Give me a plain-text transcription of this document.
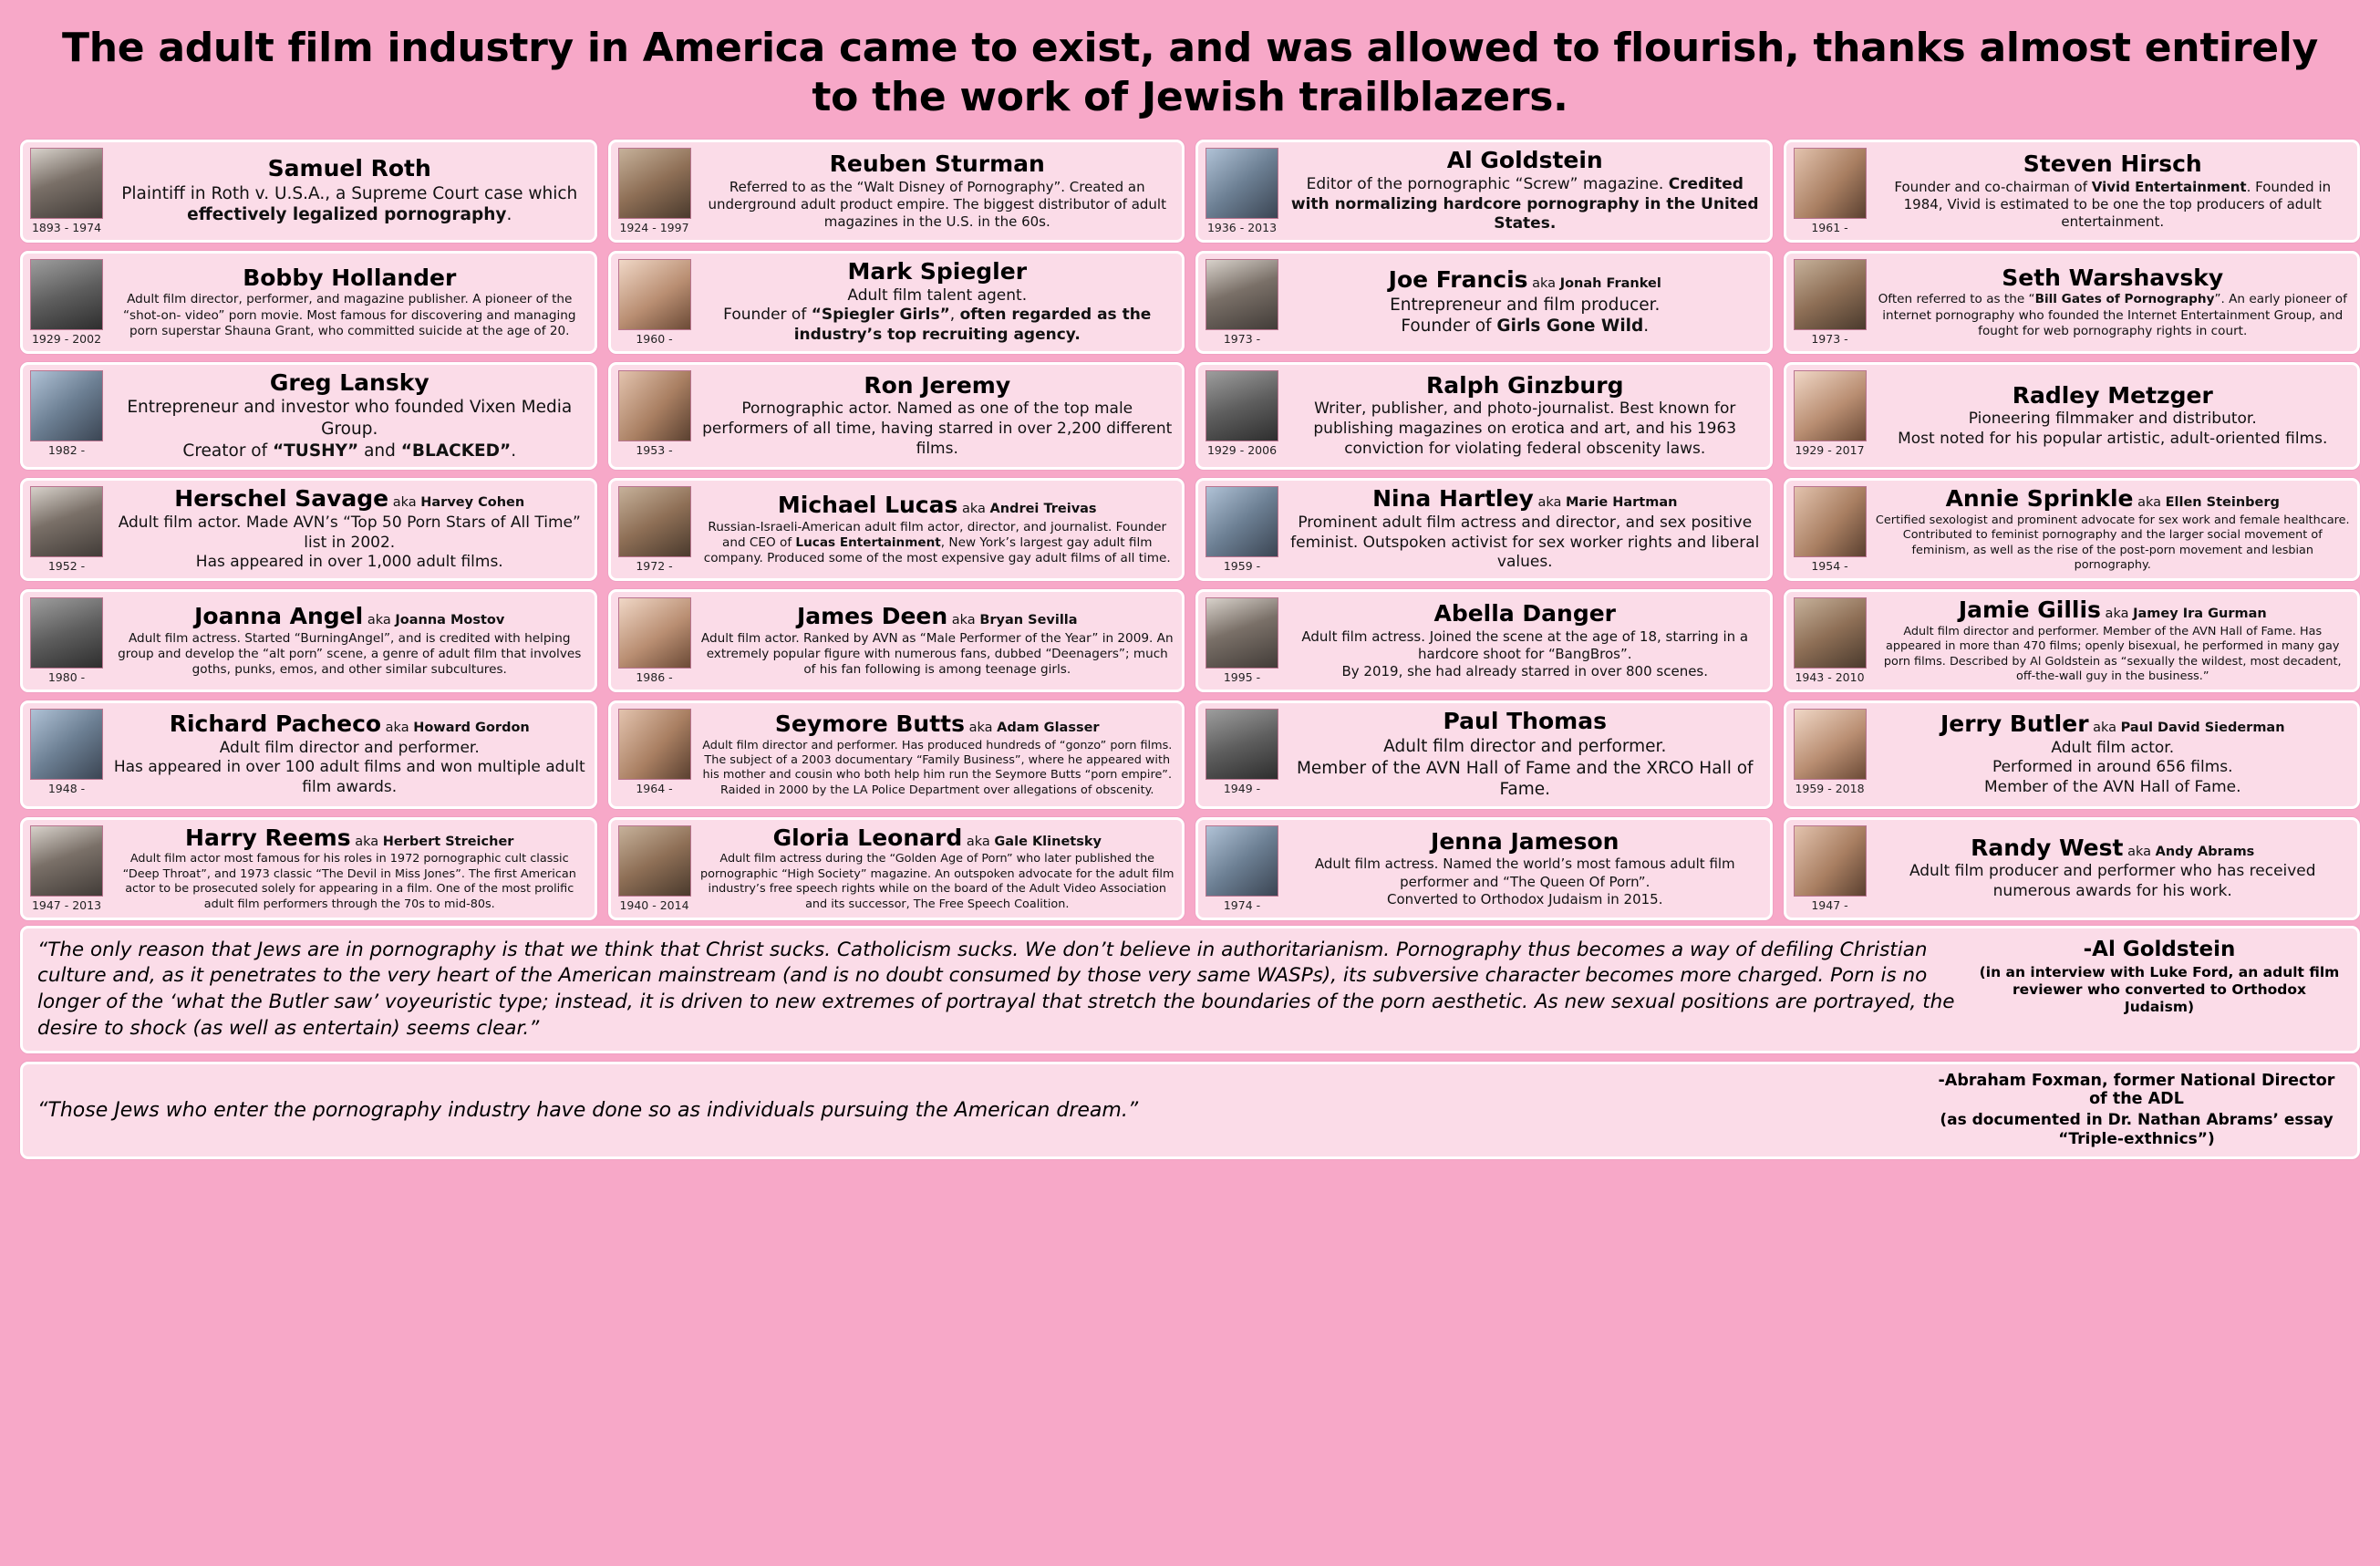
The adult film industry in America came to exist, and was allowed to flourish, thanks almost entirely to the work of Jewish trailblazers.
1893 - 1974
Samuel Roth
Plaintiff in Roth v. U.S.A., a Supreme Court case which effectively legalized pornography.
1924 - 1997
Reuben Sturman
Referred to as the “Walt Disney of Pornography”. Created an underground adult product empire. The biggest distributor of adult magazines in the U.S. in the 60s.	1936 - 2013
Al Goldstein
Editor of the pornographic “Screw” magazine. Credited with normalizing hardcore pornography in the United States.	1961 -
Steven Hirsch
Founder and co-chairman of Vivid Entertainment. Founded in 1984, Vivid is estimated to be one the top producers of adult entertainment.
1929 - 2002
Bobby Hollander
Adult film director, performer, and magazine publisher. A pioneer of the “shot-on- video” porn movie. Most famous for discovering and managing porn superstar Shauna Grant, who committed suicide at the age of 20.
1960 -
Mark Spiegler
Adult film talent agent.
Founder of “Spiegler Girls”, often regarded as the industry’s top recruiting agency.	1973 -
Joe Francis aka Jonah Frankel
Entrepreneur and film producer.
Founder of Girls Gone Wild.
1973 -
Seth Warshavsky
Often referred to as the “Bill Gates of Pornography”. An early pioneer of internet pornography who founded the Internet Entertainment Group, and fought for web pornography rights in court.
1982 -
Greg Lansky
Entrepreneur and investor who founded Vixen Media Group.
Creator of “TUSHY” and “BLACKED”.	1953 -
Ron Jeremy
Pornographic actor. Named as one of the top male performers of all time, having starred in over 2,200 different films.	1929 - 2006
Ralph Ginzburg
Writer, publisher, and photo-journalist. Best known for publishing magazines on erotica and art, and his 1963 conviction for violating federal obscenity laws.	1929 - 2017
Radley Metzger
Pioneering filmmaker and distributor.
Most noted for his popular artistic, adult-oriented films.
1952 -
Herschel Savage aka Harvey Cohen
Adult film actor. Made AVN’s “Top 50 Porn Stars of All Time” list in 2002.
Has appeared in over 1,000 adult films.	1972 -
Michael Lucas aka Andrei Treivas
Russian-Israeli-American adult film actor, director, and journalist. Founder and CEO of Lucas Entertainment, New York’s largest gay adult film company. Produced some of the most expensive gay adult films of all time.
1959 -
Nina Hartley aka Marie Hartman
Prominent adult film actress and director, and sex positive feminist. Outspoken activist for sex worker rights and liberal values.	1954 -
Annie Sprinkle aka Ellen Steinberg
Certified sexologist and prominent advocate for sex work and female healthcare. Contributed to feminist pornography and the larger social movement of feminism, as well as the rise of the post-porn movement and lesbian pornography.
1980 -
Joanna Angel aka Joanna Mostov
Adult film actress. Started “BurningAngel”, and is credited with helping group and develop the “alt porn” scene, a genre of adult film that involves goths, punks, emos, and other similar subcultures.
1986 -
James Deen aka Bryan Sevilla
Adult film actor. Ranked by AVN as “Male Performer of the Year” in 2009. An extremely popular figure with numerous fans, dubbed “Deenagers”; much of his fan following is among teenage girls.
1995 -
Abella Danger
Adult film actress. Joined the scene at the age of 18, starring in a hardcore shoot for “BangBros”.
By 2019, she had already starred in over 800 scenes.	1943 - 2010
Jamie Gillis aka Jamey Ira Gurman
Adult film director and performer. Member of the AVN Hall of Fame. Has appeared in more than 470 films; openly bisexual, he performed in many gay porn films. Described by Al Goldstein as “sexually the wildest, most decadent, off-the-wall guy in the business.”
1948 -
Richard Pacheco aka Howard Gordon
Adult film director and performer.
Has appeared in over 100 adult films and won multiple adult film awards.	1964 -
Seymore Butts aka Adam Glasser
Adult film director and performer. Has produced hundreds of “gonzo” porn films. The subject of a 2003 documentary “Family Business”, where he appeared with his mother and cousin who both help him run the Seymore Butts “porn empire”. Raided in 2000 by the LA Police Department over allegations of obscenity.	1949 -
Paul Thomas
Adult film director and performer.
Member of the AVN Hall of Fame and the XRCO Hall of Fame.	1959 - 2018
Jerry Butler aka Paul David Siederman
Adult film actor.
Performed in around 656 films.
Member of the AVN Hall of Fame.
1947 - 2013
Harry Reems aka Herbert Streicher
Adult film actor most famous for his roles in 1972 pornographic cult classic “Deep Throat”, and 1973 classic “The Devil in Miss Jones”. The first American actor to be prosecuted solely for appearing in a film. One of the most prolific adult film performers through the 70s to mid-80s.	1940 - 2014
Gloria Leonard aka Gale Klinetsky
Adult film actress during the “Golden Age of Porn” who later published the pornographic “High Society” magazine. An outspoken advocate for the adult film industry’s free speech rights while on the board of the Adult Video Association and its successor, The Free Speech Coalition.	1974 -
Jenna Jameson
Adult film actress. Named the world’s most famous adult film performer and “The Queen Of Porn”.
Converted to Orthodox Judaism in 2015.	1947 -
Randy West aka Andy Abrams
Adult film producer and performer who has received numerous awards for his work.
“The only reason that Jews are in pornography is that we think that Christ sucks. Catholicism sucks. We don’t believe in authoritarianism. Pornography thus becomes a way of defiling Christian culture and, as it penetrates to the very heart of the American mainstream (and is no doubt consumed by those very same WASPs), its subversive character becomes more charged. Porn is no longer of the ‘what the Butler saw’ voyeuristic type; instead, it is driven to new extremes of portrayal that stretch the boundaries of the porn aesthetic. As new sexual positions are portrayed, the desire to shock (as well as entertain) seems clear.”
-Al Goldstein
(in an interview with Luke Ford, an adult film reviewer who converted to Orthodox Judaism)
“Those Jews who enter the pornography industry have done so as individuals pursuing the American dream.”
-Abraham Foxman, former National Director of the ADL
(as documented in Dr. Nathan Abrams’ essay “Triple-exthnics”)
